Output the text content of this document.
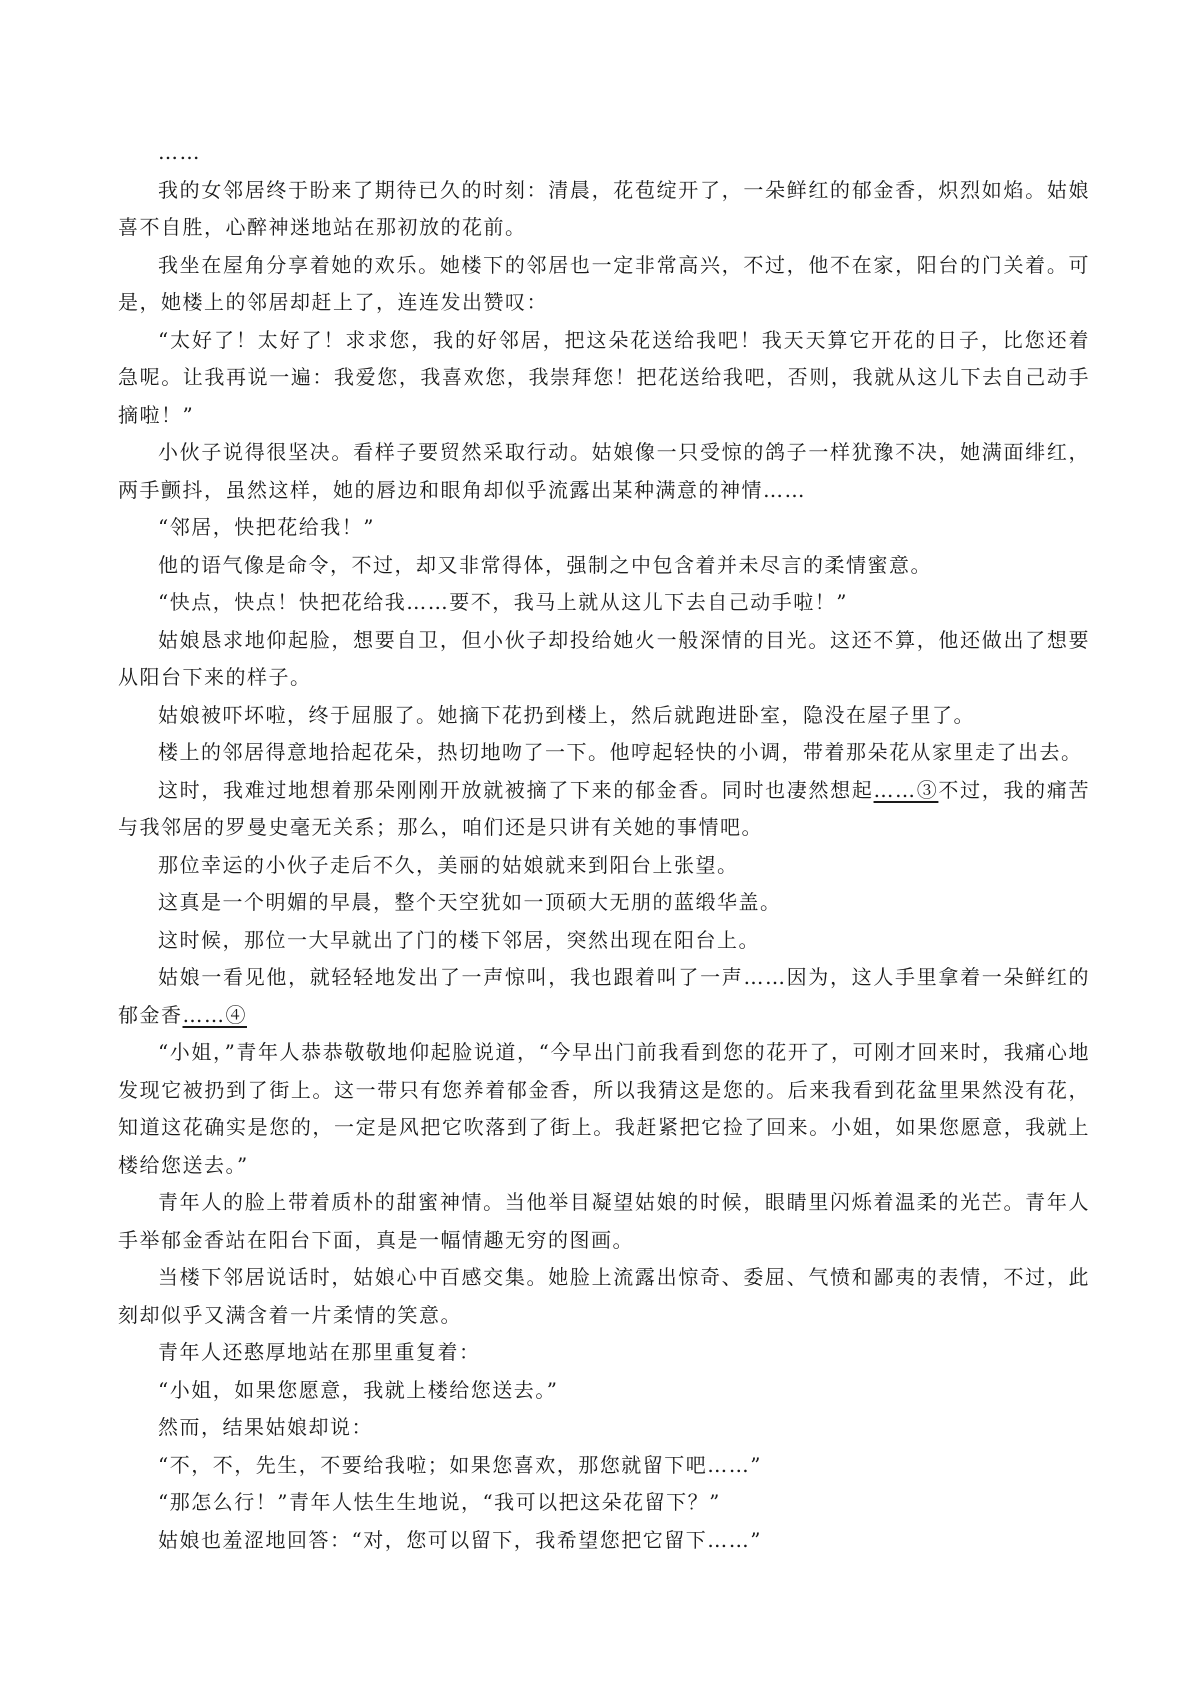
……

我的女邻居终于盼来了期待已久的时刻：清晨，花苞绽开了，一朵鲜红的郁金香，炽烈如焰。姑娘喜不自胜，心醉神迷地站在那初放的花前。

我坐在屋角分享着她的欢乐。她楼下的邻居也一定非常高兴，不过，他不在家，阳台的门关着。可是，她楼上的邻居却赶上了，连连发出赞叹：

“太好了！太好了！求求您，我的好邻居，把这朵花送给我吧！我天天算它开花的日子，比您还着急呢。让我再说一遍：我爱您，我喜欢您，我崇拜您！把花送给我吧，否则，我就从这儿下去自己动手摘啦！”

小伙子说得很坚决。看样子要贸然采取行动。姑娘像一只受惊的鸽子一样犹豫不决，她满面绯红，两手颤抖，虽然这样，她的唇边和眼角却似乎流露出某种满意的神情……

“邻居，快把花给我！”

他的语气像是命令，不过，却又非常得体，强制之中包含着并未尽言的柔情蜜意。

“快点，快点！快把花给我……要不，我马上就从这儿下去自己动手啦！”

姑娘恳求地仰起脸，想要自卫，但小伙子却投给她火一般深情的目光。这还不算，他还做出了想要从阳台下来的样子。

姑娘被吓坏啦，终于屈服了。她摘下花扔到楼上，然后就跑进卧室，隐没在屋子里了。

楼上的邻居得意地拾起花朵，热切地吻了一下。他哼起轻快的小调，带着那朵花从家里走了出去。

这时，我难过地想着那朵刚刚开放就被摘了下来的郁金香。同时也凄然想起……③不过，我的痛苦与我邻居的罗曼史毫无关系；那么，咱们还是只讲有关她的事情吧。

那位幸运的小伙子走后不久，美丽的姑娘就来到阳台上张望。

这真是一个明媚的早晨，整个天空犹如一顶硕大无朋的蓝缎华盖。

这时候，那位一大早就出了门的楼下邻居，突然出现在阳台上。

姑娘一看见他，就轻轻地发出了一声惊叫，我也跟着叫了一声……因为，这人手里拿着一朵鲜红的郁金香……④

“小姐，”青年人恭恭敬敬地仰起脸说道，“今早出门前我看到您的花开了，可刚才回来时，我痛心地发现它被扔到了街上。这一带只有您养着郁金香，所以我猜这是您的。后来我看到花盆里果然没有花，知道这花确实是您的，一定是风把它吹落到了街上。我赶紧把它捡了回来。小姐，如果您愿意，我就上楼给您送去。”

青年人的脸上带着质朴的甜蜜神情。当他举目凝望姑娘的时候，眼睛里闪烁着温柔的光芒。青年人手举郁金香站在阳台下面，真是一幅情趣无穷的图画。

当楼下邻居说话时，姑娘心中百感交集。她脸上流露出惊奇、委屈、气愤和鄙夷的表情，不过，此刻却似乎又满含着一片柔情的笑意。

青年人还憨厚地站在那里重复着：

“小姐，如果您愿意，我就上楼给您送去。”

然而，结果姑娘却说：

“不，不，先生，不要给我啦；如果您喜欢，那您就留下吧……”

“那怎么行！”青年人怯生生地说，“我可以把这朵花留下？”

姑娘也羞涩地回答：“对，您可以留下，我希望您把它留下……”
